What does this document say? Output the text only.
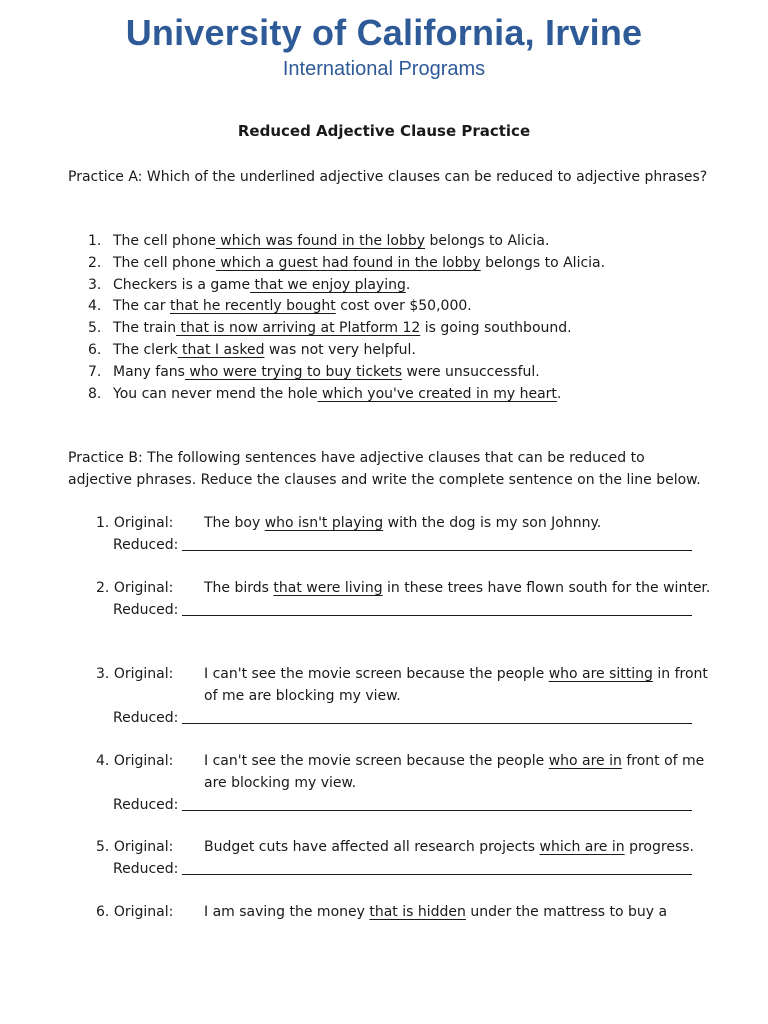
University of California, Irvine
International Programs
Reduced Adjective Clause Practice
Practice A: Which of the underlined adjective clauses can be reduced to adjective phrases?
1. The cell phone which was found in the lobby belongs to Alicia.
2. The cell phone which a guest had found in the lobby belongs to Alicia.
3. Checkers is a game that we enjoy playing.
4. The car that he recently bought cost over $50,000.
5. The train that is now arriving at Platform 12 is going southbound.
6. The clerk that I asked was not very helpful.
7. Many fans who were trying to buy tickets were unsuccessful.
8. You can never mend the hole which you've created in my heart.
Practice B: The following sentences have adjective clauses that can be reduced to adjective phrases. Reduce the clauses and write the complete sentence on the line below.
1. Original:	The boy who isn't playing with the dog is my son Johnny.
Reduced:
2. Original:	The birds that were living in these trees have flown south for the winter.
Reduced:
3. Original:	I can't see the movie screen because the people who are sitting in front of me are blocking my view.
Reduced:
4. Original:	I can't see the movie screen because the people who are in front of me are blocking my view.
Reduced:
5. Original:	Budget cuts have affected all research projects which are in progress.
Reduced:
6. Original:	I am saving the money that is hidden under the mattress to buy a
